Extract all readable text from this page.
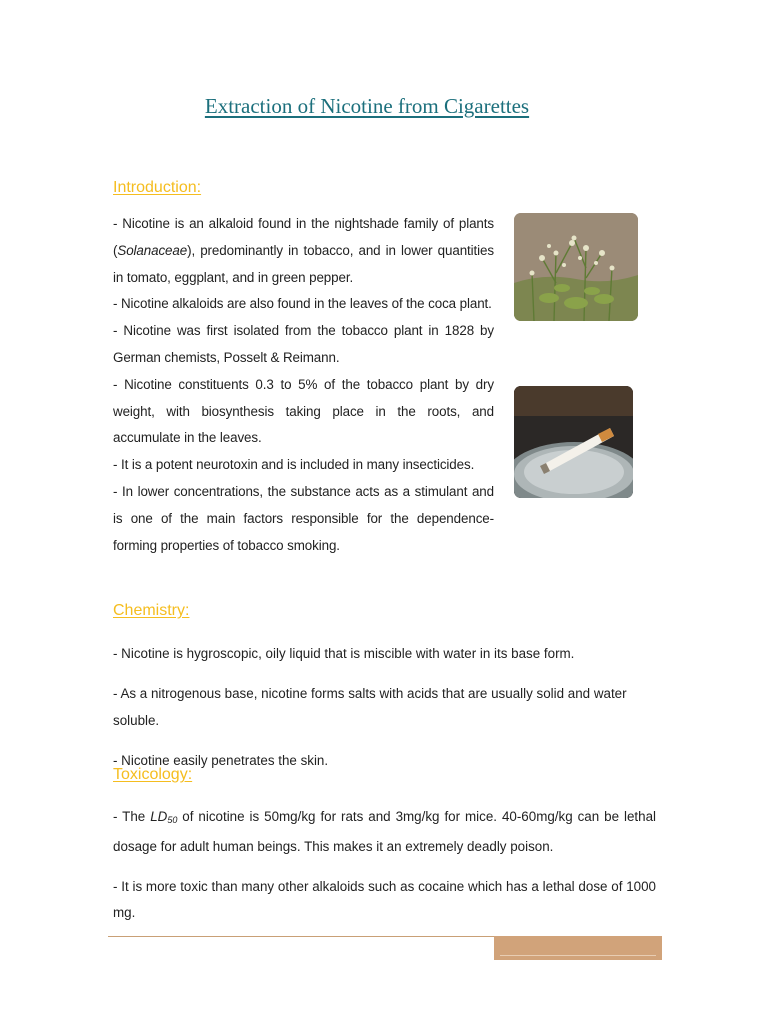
Extraction of Nicotine from Cigarettes
Introduction:

- Nicotine is an alkaloid found in the nightshade family of plants (Solanaceae), predominantly in tobacco, and in lower quantities in tomato, eggplant, and in green pepper.

- Nicotine alkaloids are also found in the leaves of the coca plant.

- Nicotine was first isolated from the tobacco plant in 1828 by German chemists, Posselt & Reimann.

- Nicotine constituents 0.3 to 5% of the tobacco plant by dry weight, with biosynthesis taking place in the roots, and accumulate in the leaves.

- It is a potent neurotoxin and is included in many insecticides.

- In lower concentrations, the substance acts as a stimulant and is one of the main factors responsible for the dependence-forming properties of tobacco smoking.

Chemistry:

- Nicotine is hygroscopic, oily liquid that is miscible with water in its base form.

- As a nitrogenous base, nicotine forms salts with acids that are usually solid and water soluble.

- Nicotine easily penetrates the skin.

Toxicology:

- The $LD_{50}$ of nicotine is 50mg/kg for rats and 3mg/kg for mice. 40-60mg/kg can be lethal dosage for adult human beings. This makes it an extremely deadly poison.

- It is more toxic than many other alkaloids such as cocaine which has a lethal dose of 1000 mg.
